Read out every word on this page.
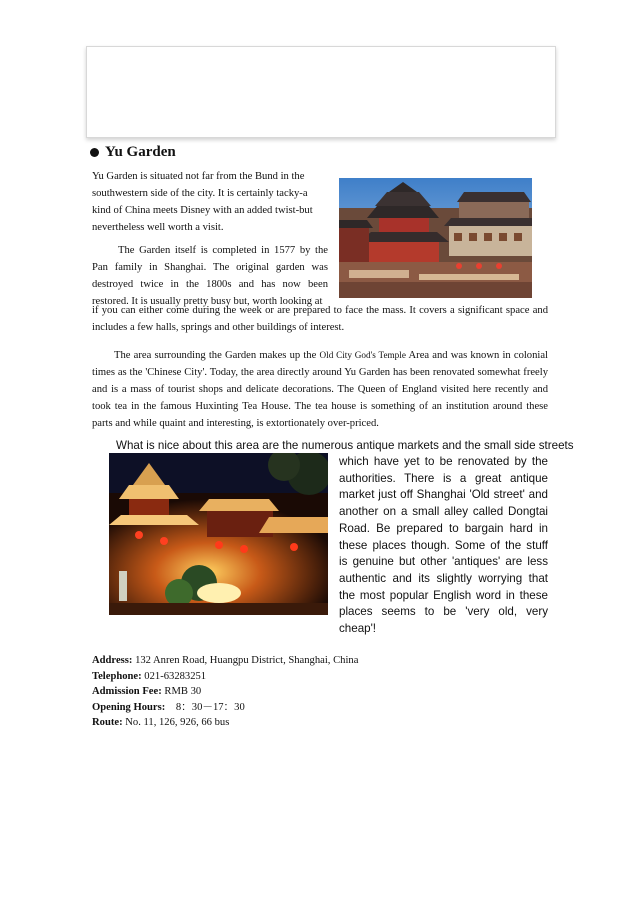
Yu Garden

Yu Garden is situated not far from the Bund in the southwestern side of the city. It is certainly tacky-a kind of China meets Disney with an added twist-but nevertheless well worth a visit.

The Garden itself is completed in 1577 by the Pan family in Shanghai. The original garden was destroyed twice in the 1800s and has now been restored. It is usually pretty busy but, worth looking at

if you can either come during the week or are prepared to face the mass. It covers a significant space and includes a few halls, springs and other buildings of interest.

The area surrounding the Garden makes up the Old City God's Temple Area and was known in colonial times as the 'Chinese City'. Today, the area directly around Yu Garden has been renovated somewhat freely and is a mass of tourist shops and delicate decorations. The Queen of England visited here recently and took tea in the famous Huxinting Tea House. The tea house is something of an institution around these parts and while quaint and interesting, is extortionately over-priced.

What is nice about this area are the numerous antique markets and the small side streets

which have yet to be renovated by the authorities. There is a great antique market just off Shanghai 'Old street' and another on a small alley called Dongtai Road. Be prepared to bargain hard in these places though. Some of the stuff is genuine but other 'antiques' are less authentic and its slightly worrying that the most popular English word in these places seems to be 'very old, very cheap'!

Address: 132 Anren Road, Huangpu District, Shanghai, China
Telephone: 021-63283251
Admission Fee: RMB 30
Opening Hours:　8：30－17：30
Route: No. 11, 126, 926, 66 bus
